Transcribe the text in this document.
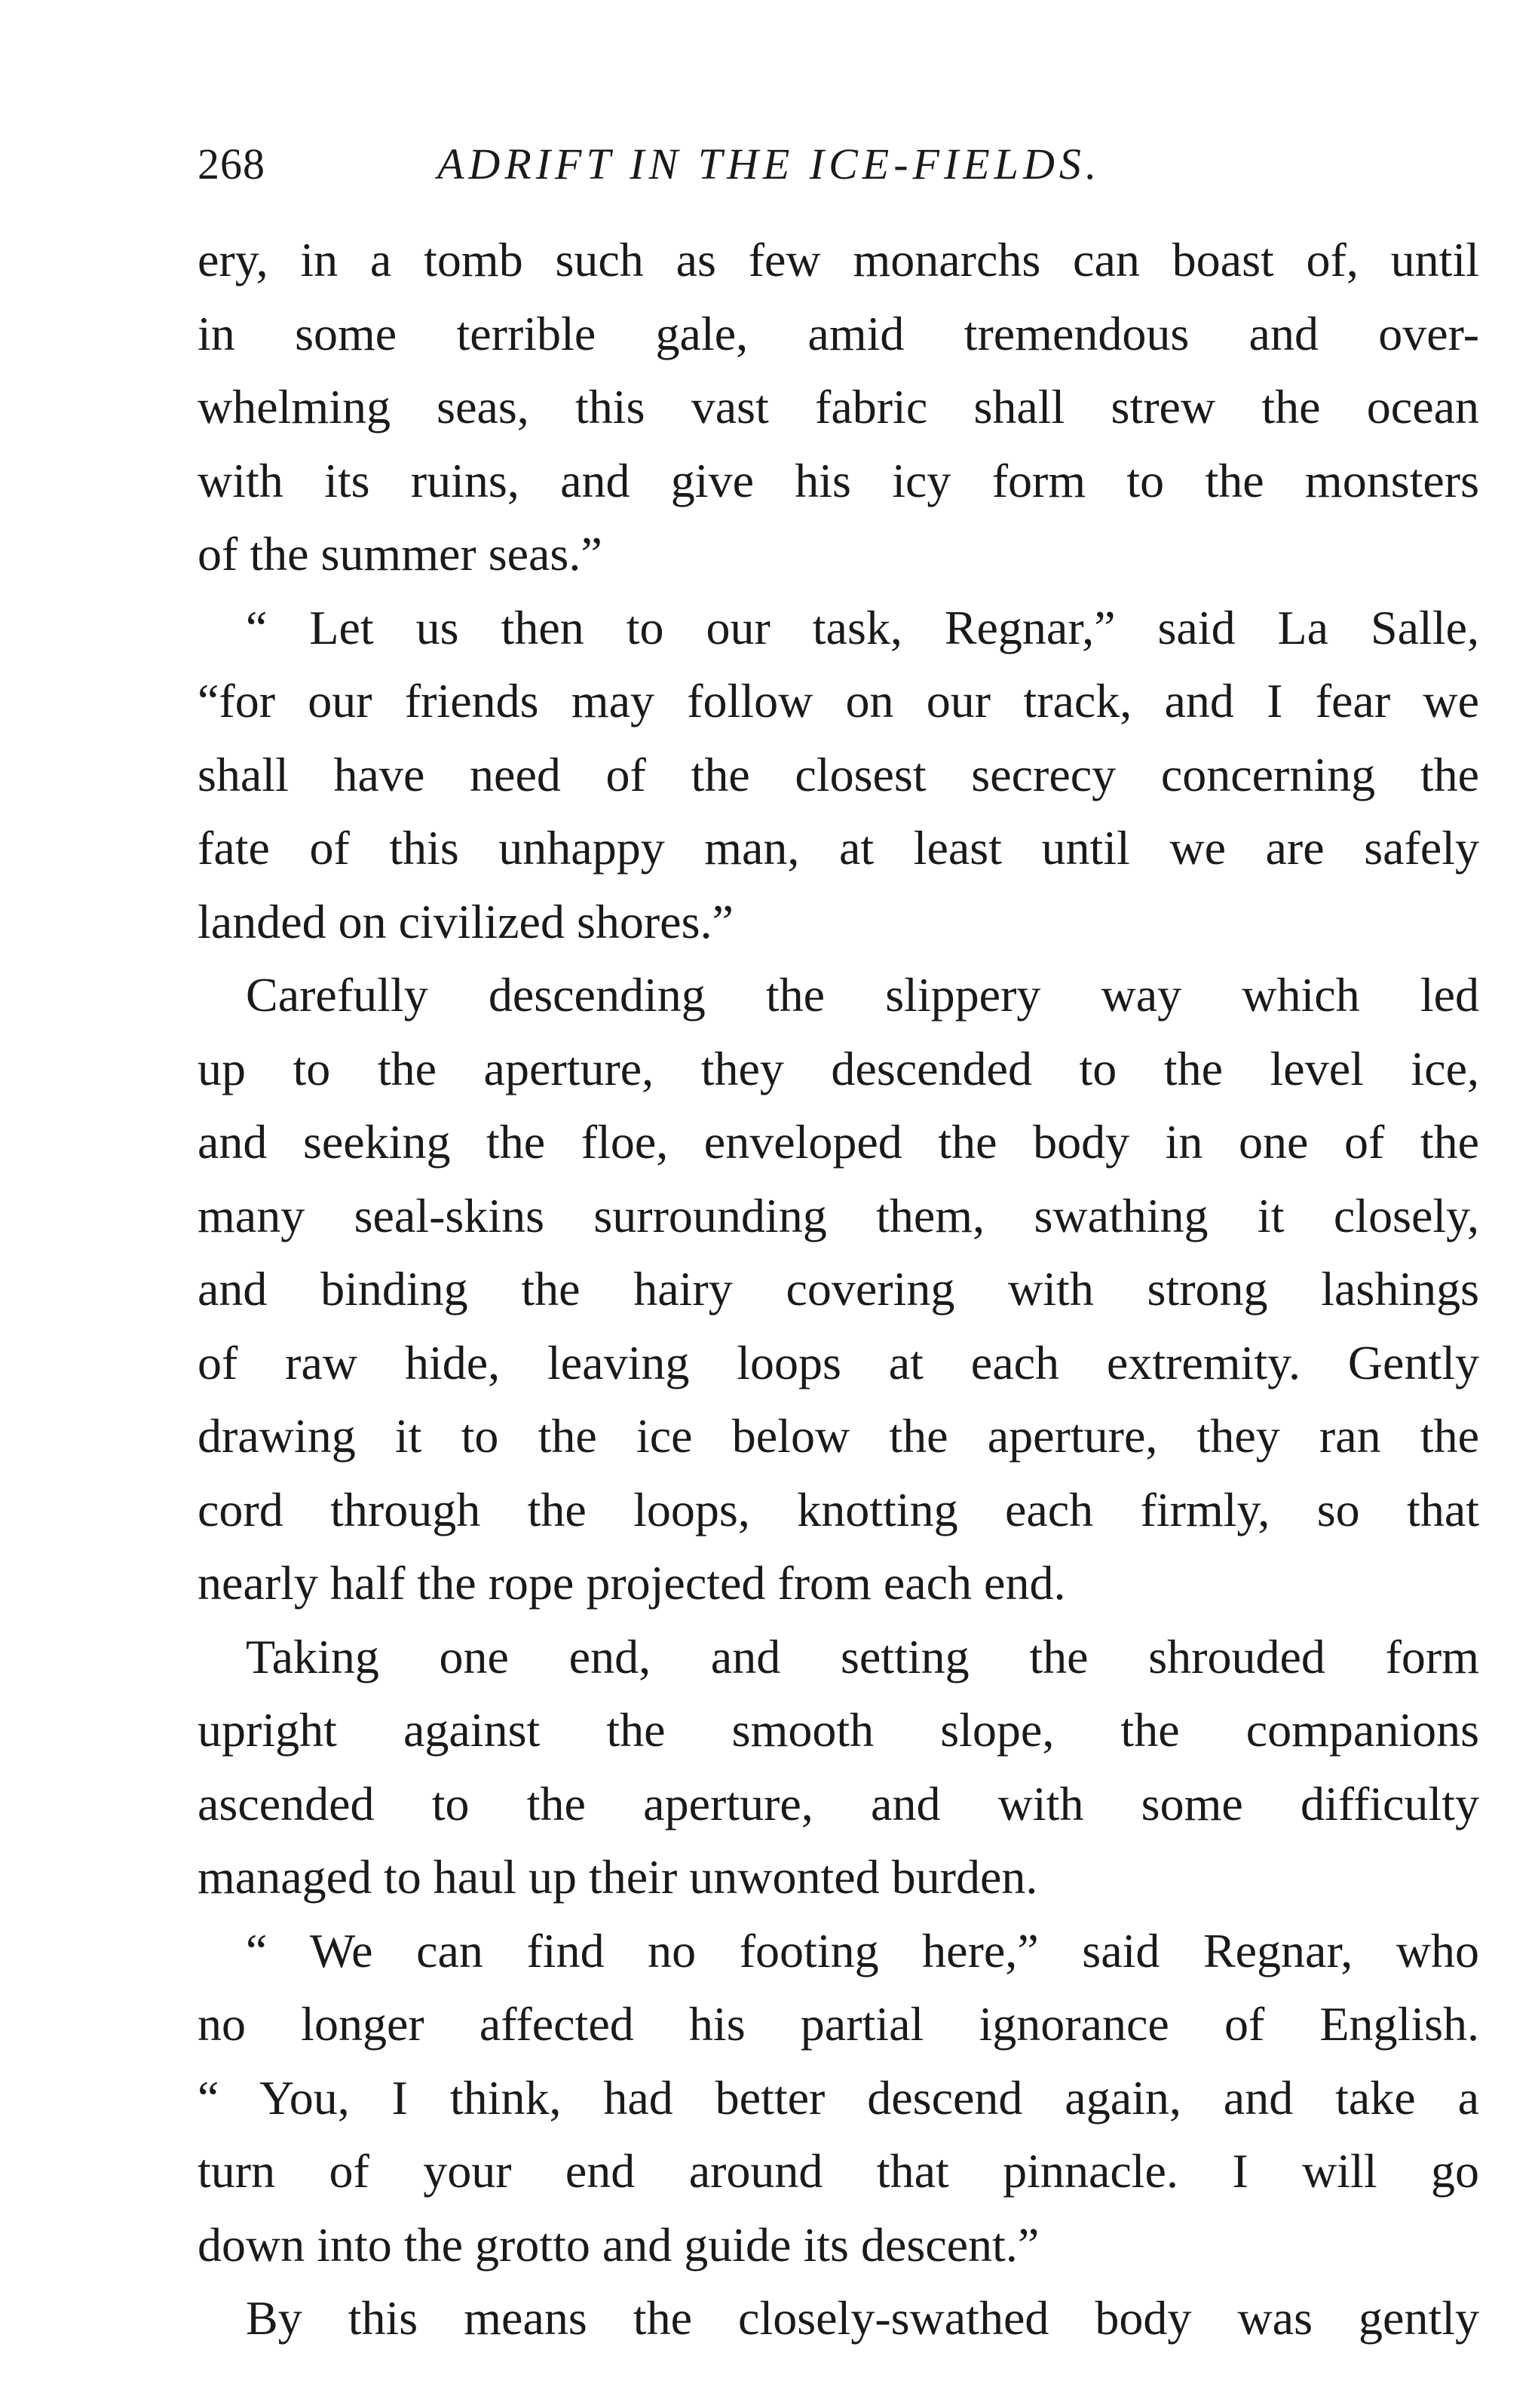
268	ADRIFT IN THE ICE-FIELDS.
ery, in a tomb such as few monarchs can boast of, until
in some terrible gale, amid tremendous and over-
whelming seas, this vast fabric shall strew the ocean
with its ruins, and give his icy form to the monsters
of the summer seas.”
“ Let us then to our task, Regnar,” said La Salle,
“for our friends may follow on our track, and I fear we
shall have need of the closest secrecy concerning the
fate of this unhappy man, at least until we are safely
landed on civilized shores.”
Carefully descending the slippery way which led
up to the aperture, they descended to the level ice,
and seeking the floe, enveloped the body in one of the
many seal-skins surrounding them, swathing it closely,
and binding the hairy covering with strong lashings
of raw hide, leaving loops at each extremity. Gently
drawing it to the ice below the aperture, they ran the
cord through the loops, knotting each firmly, so that
nearly half the rope projected from each end.
Taking one end, and setting the shrouded form
upright against the smooth slope, the companions
ascended to the aperture, and with some difficulty
managed to haul up their unwonted burden.
“ We can find no footing here,” said Regnar, who
no longer affected his partial ignorance of English.
“ You, I think, had better descend again, and take a
turn of your end around that pinnacle. I will go
down into the grotto and guide its descent.”
By this means the closely-swathed body was gently
